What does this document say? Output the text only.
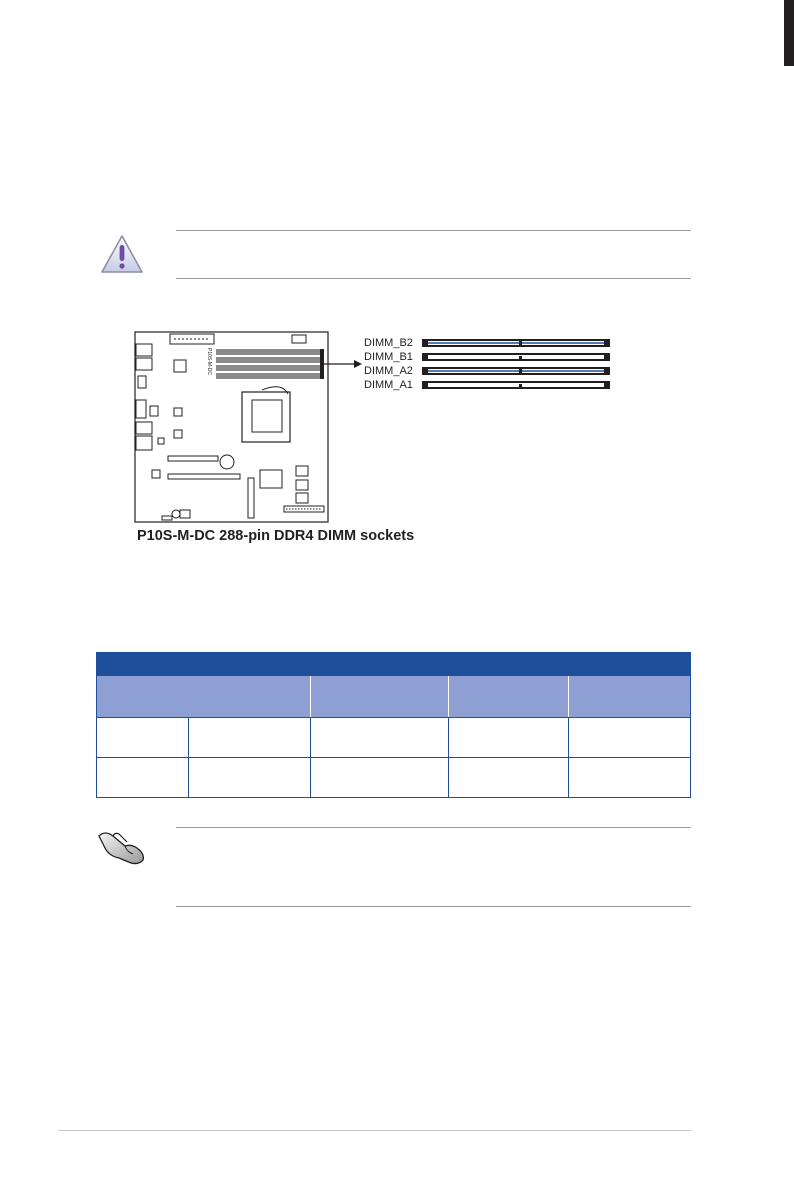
P10S-M-DC
DIMM_B2
DIMM_B1
DIMM_A2
DIMM_A1
P10S-M-DC 288-pin DDR4 DIMM sockets
